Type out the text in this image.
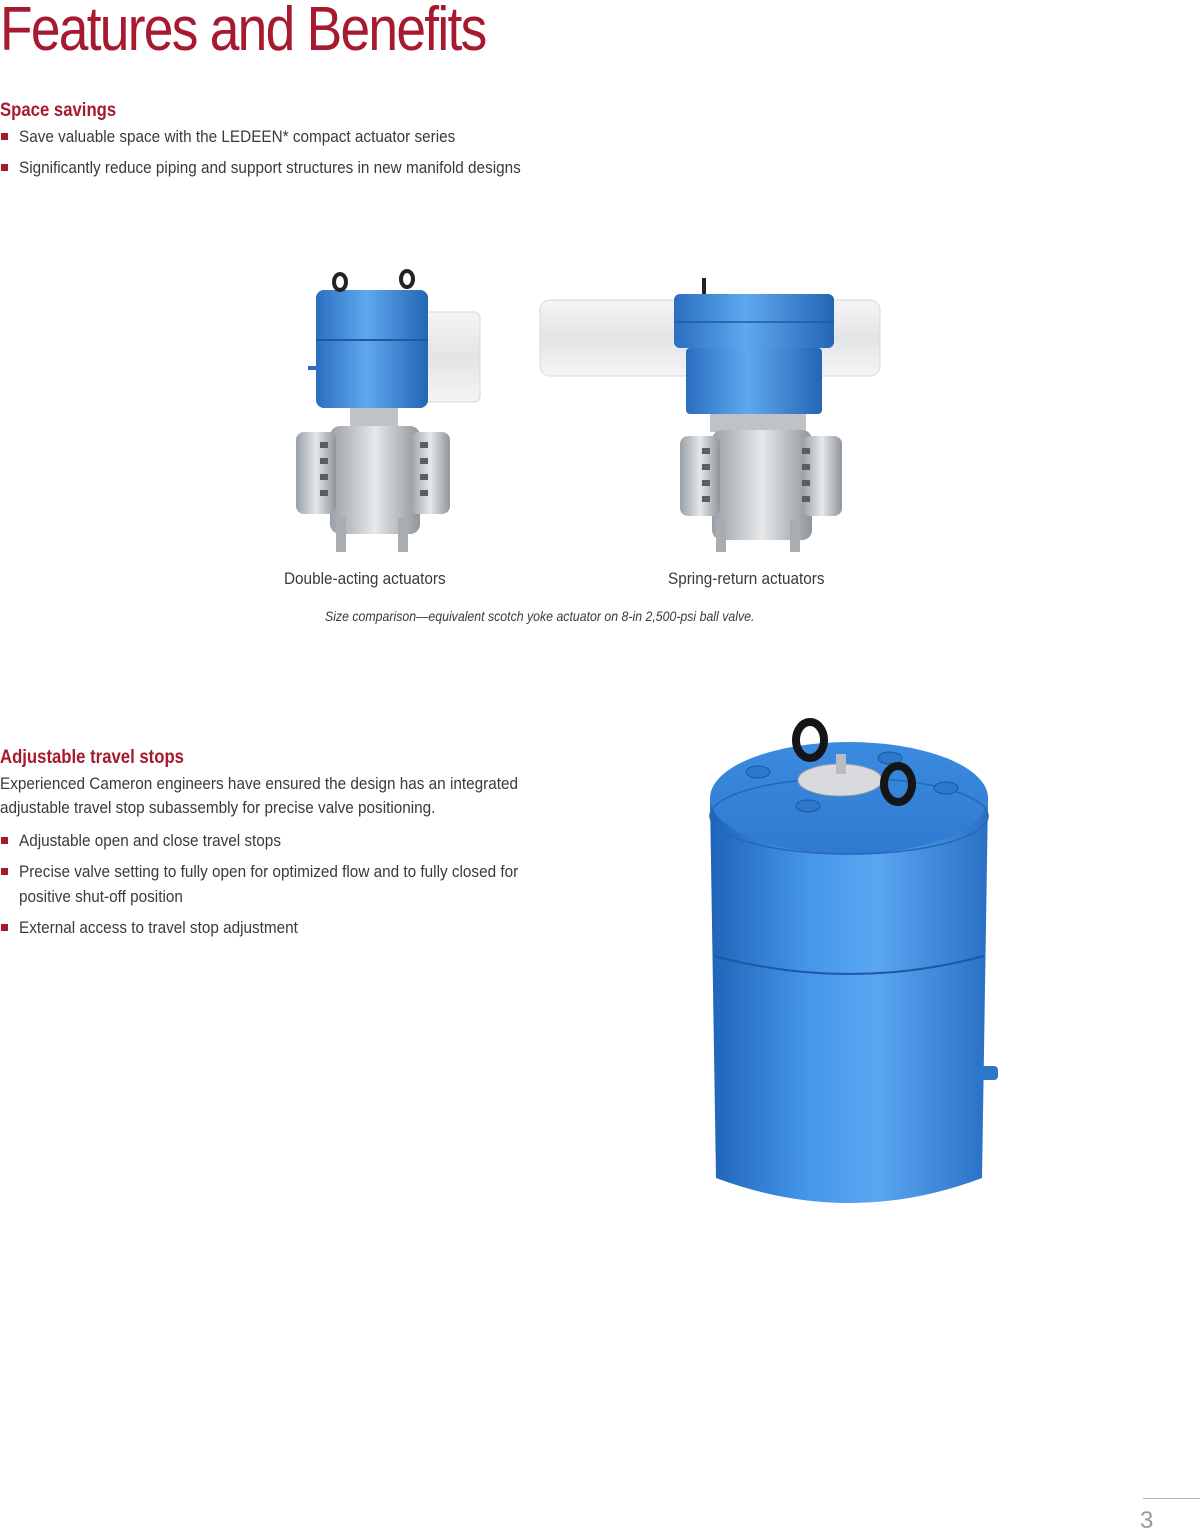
Features and Benefits
Space savings
Save valuable space with the LEDEEN* compact actuator series
Significantly reduce piping and support structures in new manifold designs
Double-acting actuators	Spring-return actuators
Size comparison—equivalent scotch yoke actuator on 8-in 2,500-psi ball valve.
Adjustable travel stops

Experienced Cameron engineers have ensured the design has an integrated adjustable travel stop subassembly for precise valve positioning.

Adjustable open and close travel stops
Precise valve setting to fully open for optimized flow and to fully closed for positive shut-off position
External access to travel stop adjustment
3
